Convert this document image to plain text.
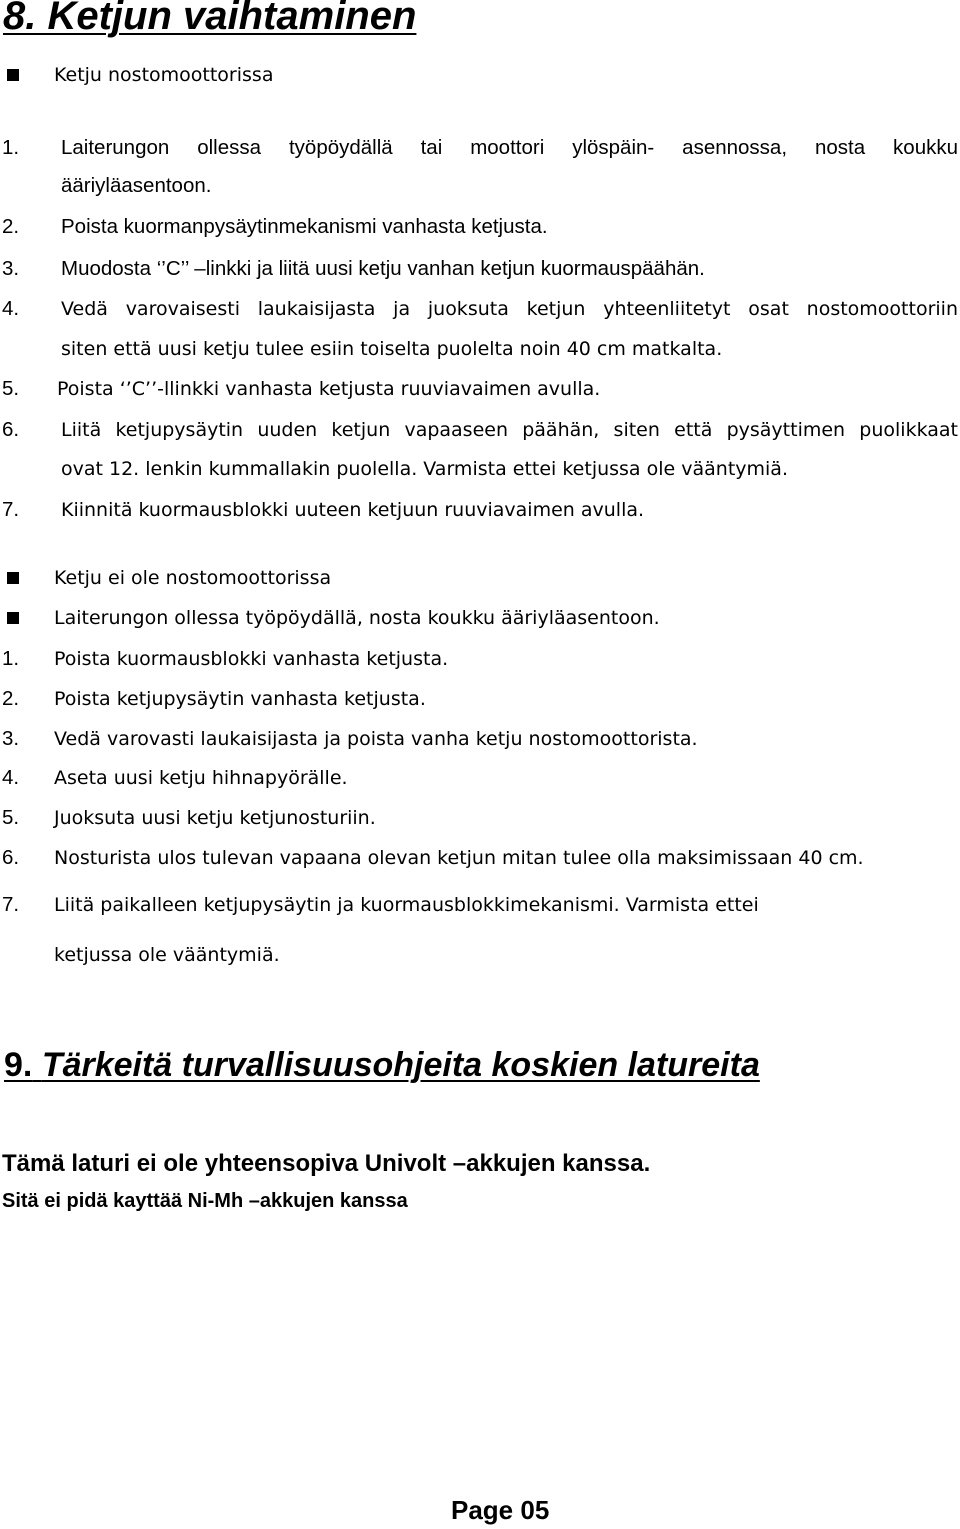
8. Ketjun vaihtaminen
Ketju nostomoottorissa
1. Laiterungon ollessa työpöydällä tai moottori ylöspäin- asennossa, nosta koukku
ääriyläasentoon.
2. Poista kuormanpysäytinmekanismi vanhasta ketjusta.
3. Muodosta ‘’C’’ –linkki ja liitä uusi ketju vanhan ketjun kuormauspäähän.
4. Vedä varovaisesti laukaisijasta ja juoksuta ketjun yhteenliitetyt osat nostomoottoriin
siten että uusi ketju tulee esiin toiselta puolelta noin 40 cm matkalta.
5. Poista ‘’C’’-llinkki vanhasta ketjusta ruuviavaimen avulla.
6. Liitä ketjupysäytin uuden ketjun vapaaseen päähän, siten että pysäyttimen puolikkaat
ovat 12. lenkin kummallakin puolella. Varmista ettei ketjussa ole vääntymiä.
7. Kiinnitä kuormausblokki uuteen ketjuun ruuviavaimen avulla.
Ketju ei ole nostomoottorissa
Laiterungon ollessa työpöydällä, nosta koukku ääriyläasentoon.
1. Poista kuormausblokki vanhasta ketjusta.
2. Poista ketjupysäytin vanhasta ketjusta.
3. Vedä varovasti laukaisijasta ja poista vanha ketju nostomoottorista.
4. Aseta uusi ketju hihnapyörälle.
5. Juoksuta uusi ketju ketjunosturiin.
6. Nosturista ulos tulevan vapaana olevan ketjun mitan tulee olla maksimissaan 40 cm.
7. Liitä paikalleen ketjupysäytin ja kuormausblokkimekanismi. Varmista ettei
ketjussa ole vääntymiä.
9. Tärkeitä turvallisuusohjeita koskien latureita
Tämä laturi ei ole yhteensopiva Univolt –akkujen kanssa.
Sitä ei pidä kayttää Ni-Mh –akkujen kanssa
Page 05
